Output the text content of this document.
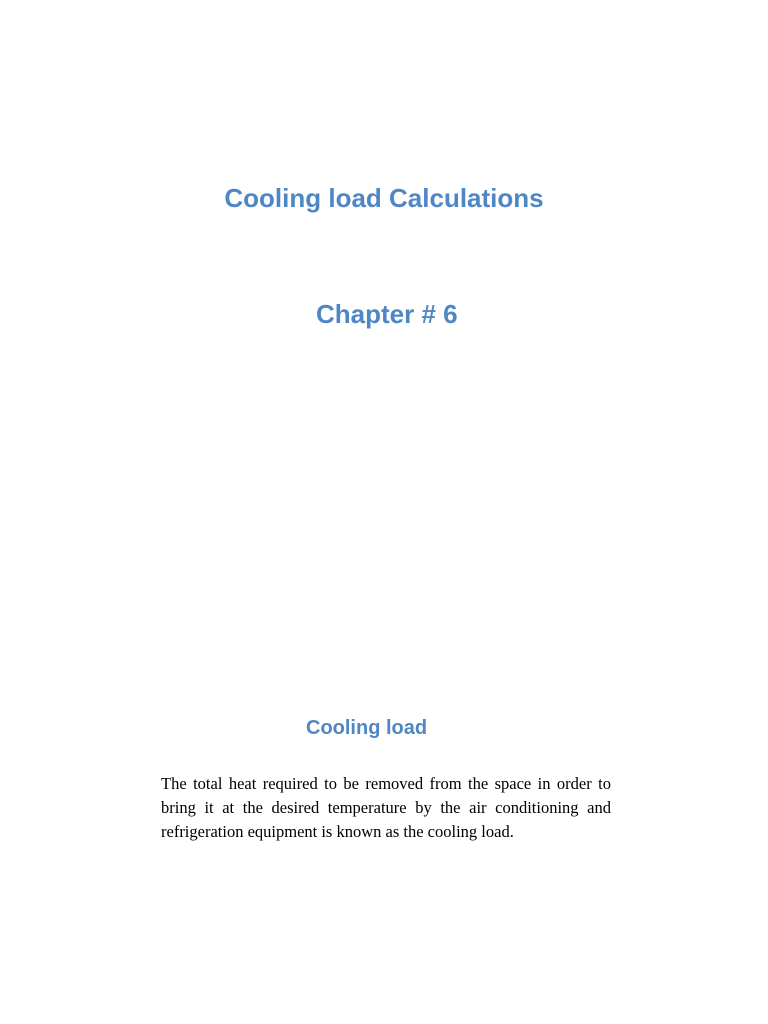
Cooling load Calculations
Chapter # 6
Cooling load

The total heat required to be removed from the space in order to bring it at the desired temperature by the air conditioning and refrigeration equipment is known as the cooling load.
